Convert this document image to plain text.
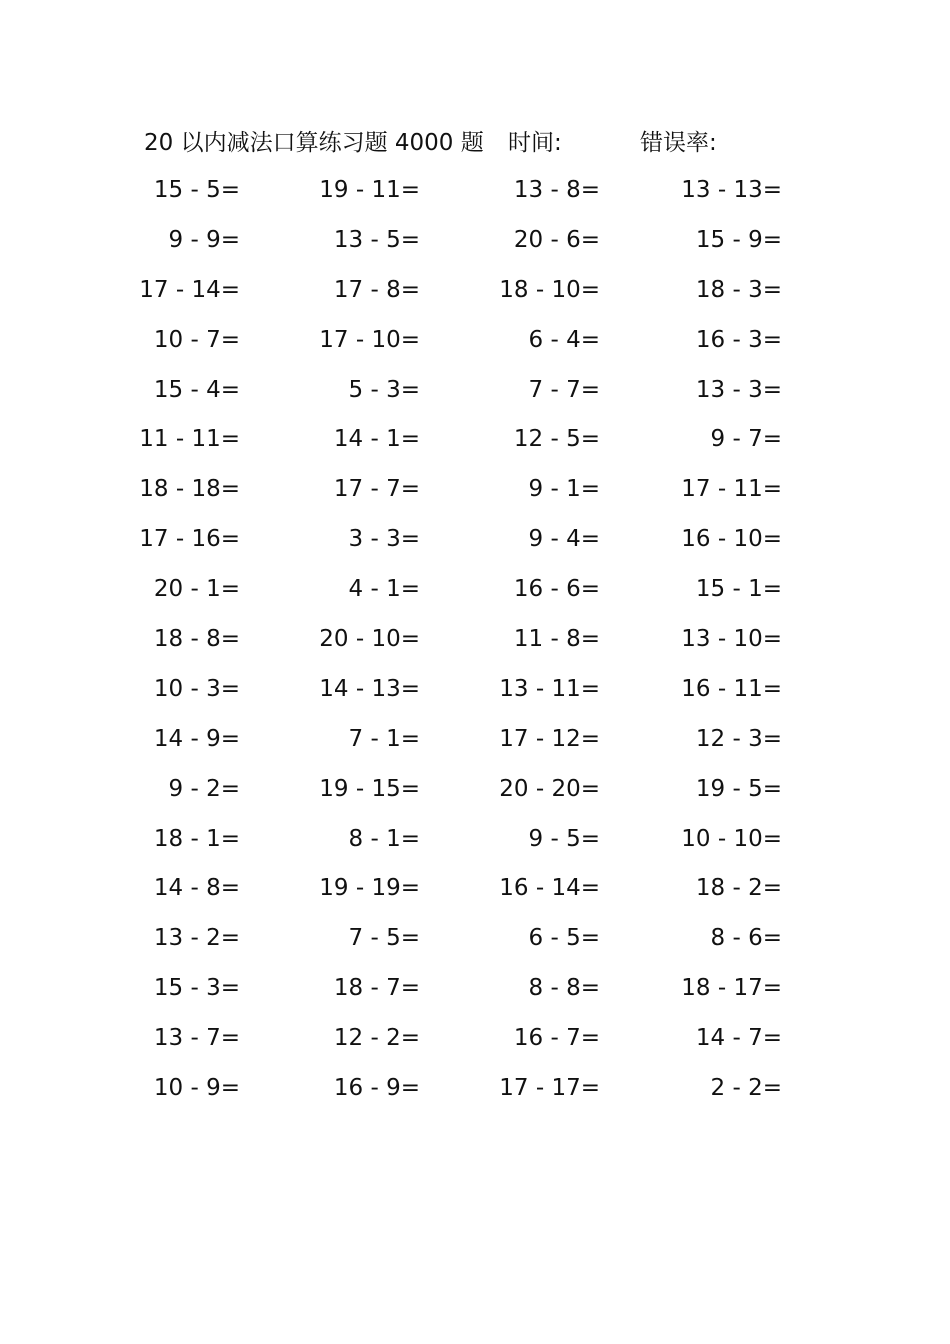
20 以内减法口算练习题 4000 题 时间:	错误率:
15 - 5=	19 - 11=	13 - 8=	13 - 13=
9 - 9=	13 - 5=	20 - 6=	15 - 9=
17 - 14=	17 - 8=	18 - 10=	18 - 3=
10 - 7=	17 - 10=	6 - 4=	16 - 3=
15 - 4=	5 - 3=	7 - 7=	13 - 3=
11 - 11=	14 - 1=	12 - 5=	9 - 7=
18 - 18=	17 - 7=	9 - 1=	17 - 11=
17 - 16=	3 - 3=	9 - 4=	16 - 10=
20 - 1=	4 - 1=	16 - 6=	15 - 1=
18 - 8=	20 - 10=	11 - 8=	13 - 10=
10 - 3=	14 - 13=	13 - 11=	16 - 11=
14 - 9=	7 - 1=	17 - 12=	12 - 3=
9 - 2=	19 - 15=	20 - 20=	19 - 5=
18 - 1=	8 - 1=	9 - 5=	10 - 10=
14 - 8=	19 - 19=	16 - 14=	18 - 2=
13 - 2=	7 - 5=	6 - 5=	8 - 6=
15 - 3=	18 - 7=	8 - 8=	18 - 17=
13 - 7=	12 - 2=	16 - 7=	14 - 7=
10 - 9=	16 - 9=	17 - 17=	2 - 2=
